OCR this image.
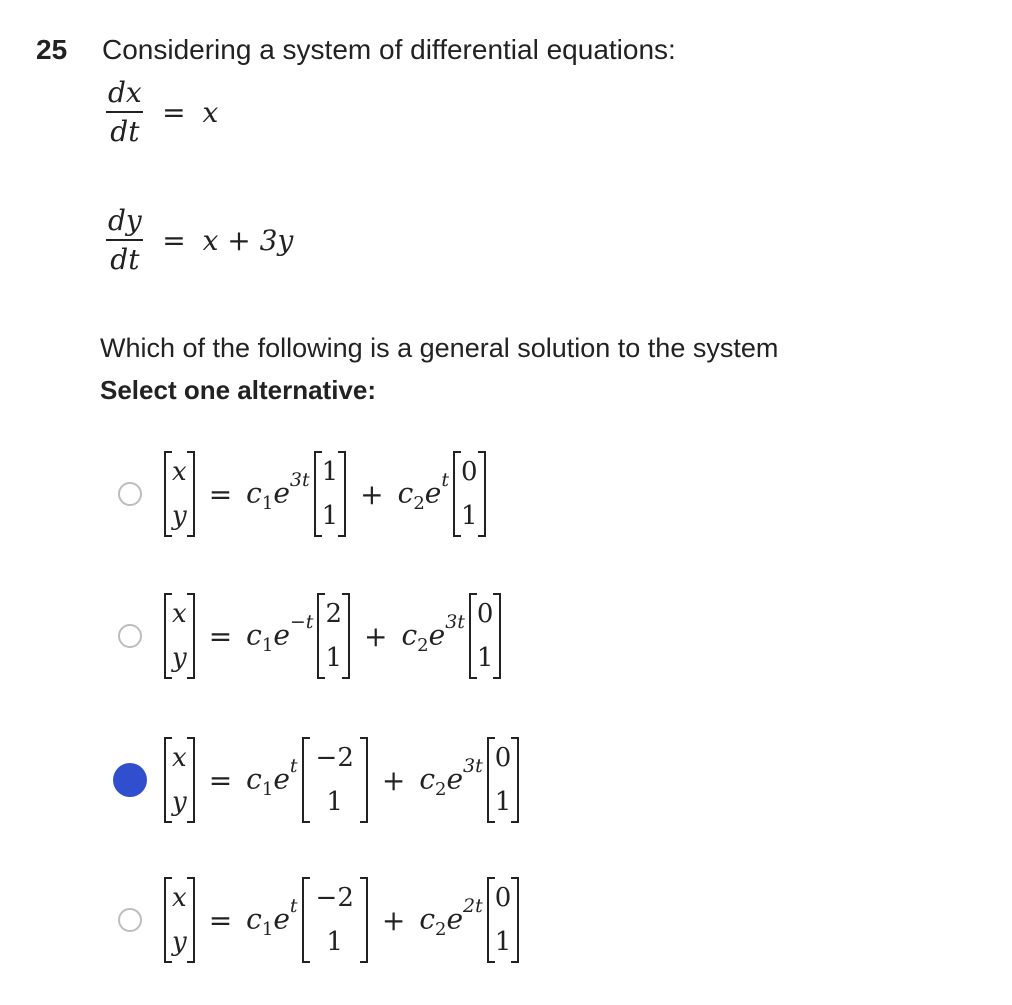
25 Considering a system of differential equations:
$\frac{dx}{dt} = x$
$\frac{dy}{dt} = x + 3y$
Which of the following is a general solution to the system
Select one alternative:
x
y
= $c_1e^{3t}$ 1
1
+ $c_2e^t$ 0
1
x
y
= $c_1e^{-t}$ 2
1
+ $c_2e^{3t}$ 0
1
x
y
= $c_1e^t -2$
1
+ $c_2e^{3t}$ 0
1
x
y
= $c_1e^t -2$
1
+ $c_2e^{2t}$ 0
1
